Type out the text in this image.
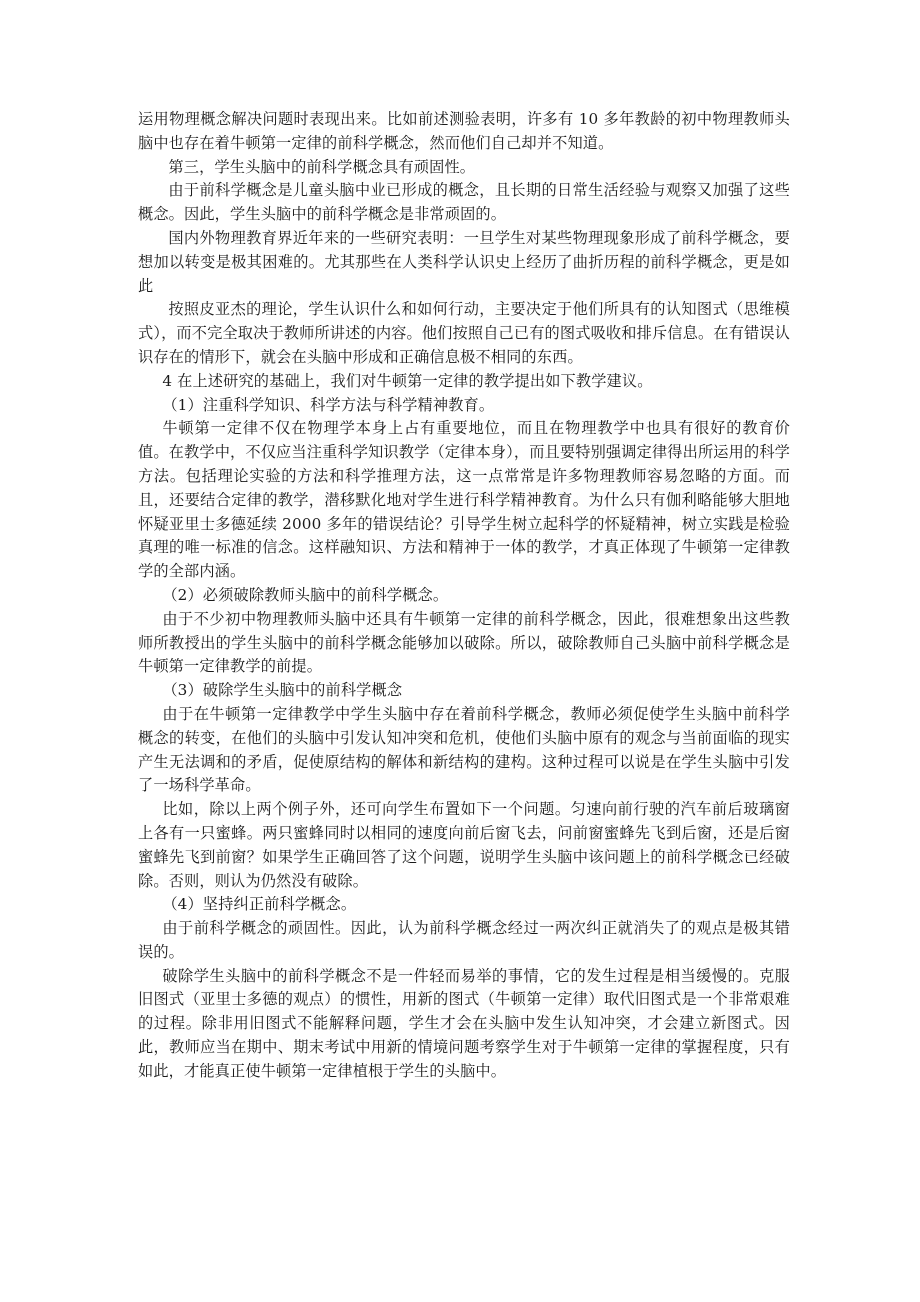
运用物理概念解决问题时表现出来。比如前述测验表明，许多有 10 多年教龄的初中物理教师头脑中也存在着牛顿第一定律的前科学概念，然而他们自己却并不知道。

第三，学生头脑中的前科学概念具有顽固性。

由于前科学概念是儿童头脑中业已形成的概念，且长期的日常生活经验与观察又加强了这些概念。因此，学生头脑中的前科学概念是非常顽固的。

国内外物理教育界近年来的一些研究表明：一旦学生对某些物理现象形成了前科学概念，要想加以转变是极其困难的。尤其那些在人类科学认识史上经历了曲折历程的前科学概念，更是如此

按照皮亚杰的理论，学生认识什么和如何行动，主要决定于他们所具有的认知图式（思维模式），而不完全取决于教师所讲述的内容。他们按照自己已有的图式吸收和排斥信息。在有错误认识存在的情形下，就会在头脑中形成和正确信息极不相同的东西。

4 在上述研究的基础上，我们对牛顿第一定律的教学提出如下教学建议。

（1）注重科学知识、科学方法与科学精神教育。

牛顿第一定律不仅在物理学本身上占有重要地位，而且在物理教学中也具有很好的教育价值。在教学中，不仅应当注重科学知识教学（定律本身），而且要特别强调定律得出所运用的科学方法。包括理论实验的方法和科学推理方法，这一点常常是许多物理教师容易忽略的方面。而且，还要结合定律的教学，潜移默化地对学生进行科学精神教育。为什么只有伽利略能够大胆地怀疑亚里士多德延续 2000 多年的错误结论？引导学生树立起科学的怀疑精神，树立实践是检验真理的唯一标准的信念。这样融知识、方法和精神于一体的教学，才真正体现了牛顿第一定律教学的全部内涵。

（2）必须破除教师头脑中的前科学概念。

由于不少初中物理教师头脑中还具有牛顿第一定律的前科学概念，因此，很难想象出这些教师所教授出的学生头脑中的前科学概念能够加以破除。所以，破除教师自己头脑中前科学概念是牛顿第一定律教学的前提。

（3）破除学生头脑中的前科学概念

由于在牛顿第一定律教学中学生头脑中存在着前科学概念，教师必须促使学生头脑中前科学概念的转变，在他们的头脑中引发认知冲突和危机，使他们头脑中原有的观念与当前面临的现实产生无法调和的矛盾，促使原结构的解体和新结构的建构。这种过程可以说是在学生头脑中引发了一场科学革命。

比如，除以上两个例子外，还可向学生布置如下一个问题。匀速向前行驶的汽车前后玻璃窗上各有一只蜜蜂。两只蜜蜂同时以相同的速度向前后窗飞去，问前窗蜜蜂先飞到后窗，还是后窗蜜蜂先飞到前窗？如果学生正确回答了这个问题，说明学生头脑中该问题上的前科学概念已经破除。否则，则认为仍然没有破除。

（4）坚持纠正前科学概念。

由于前科学概念的顽固性。因此，认为前科学概念经过一两次纠正就消失了的观点是极其错误的。

破除学生头脑中的前科学概念不是一件轻而易举的事情，它的发生过程是相当缓慢的。克服旧图式（亚里士多德的观点）的惯性，用新的图式（牛顿第一定律）取代旧图式是一个非常艰难的过程。除非用旧图式不能解释问题，学生才会在头脑中发生认知冲突，才会建立新图式。因此，教师应当在期中、期末考试中用新的情境问题考察学生对于牛顿第一定律的掌握程度，只有如此，才能真正使牛顿第一定律植根于学生的头脑中。
